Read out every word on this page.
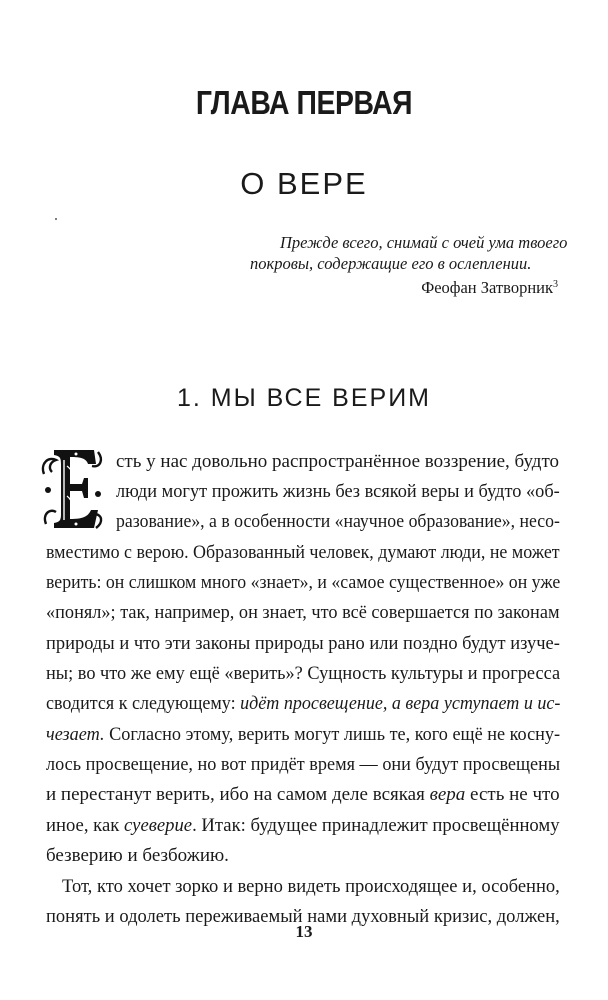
ГЛАВА ПЕРВАЯ
О ВЕРЕ
Прежде всего, снимай с очей ума твоего
покровы, содержащие его в ослеплении.
Феофан Затворник$^3$
1. МЫ ВСЕ ВЕРИМ
сть у нас довольно распространённое воззрение, будто
люди могут прожить жизнь без всякой веры и будто «об-
разование», а в особенности «научное образование», несо-
вместимо с верою. Образованный человек, думают люди, не может
верить: он слишком много «знает», и «самое существенное» он уже
«понял»; так, например, он знает, что всё совершается по законам
природы и что эти законы природы рано или поздно будут изуче-
ны; во что же ему ещё «верить»? Сущность культуры и прогресса
сводится к следующему: идёт просвещение, а вера уступает и ис-
чезает. Согласно этому, верить могут лишь те, кого ещё не косну-
лось просвещение, но вот придёт время — они будут просвещены
и перестанут верить, ибо на самом деле всякая вера есть не что
иное, как суеверие. Итак: будущее принадлежит просвещённому
безверию и безбожию.
Тот, кто хочет зорко и верно видеть происходящее и, особенно,
понять и одолеть переживаемый нами духовный кризис, должен,
13
